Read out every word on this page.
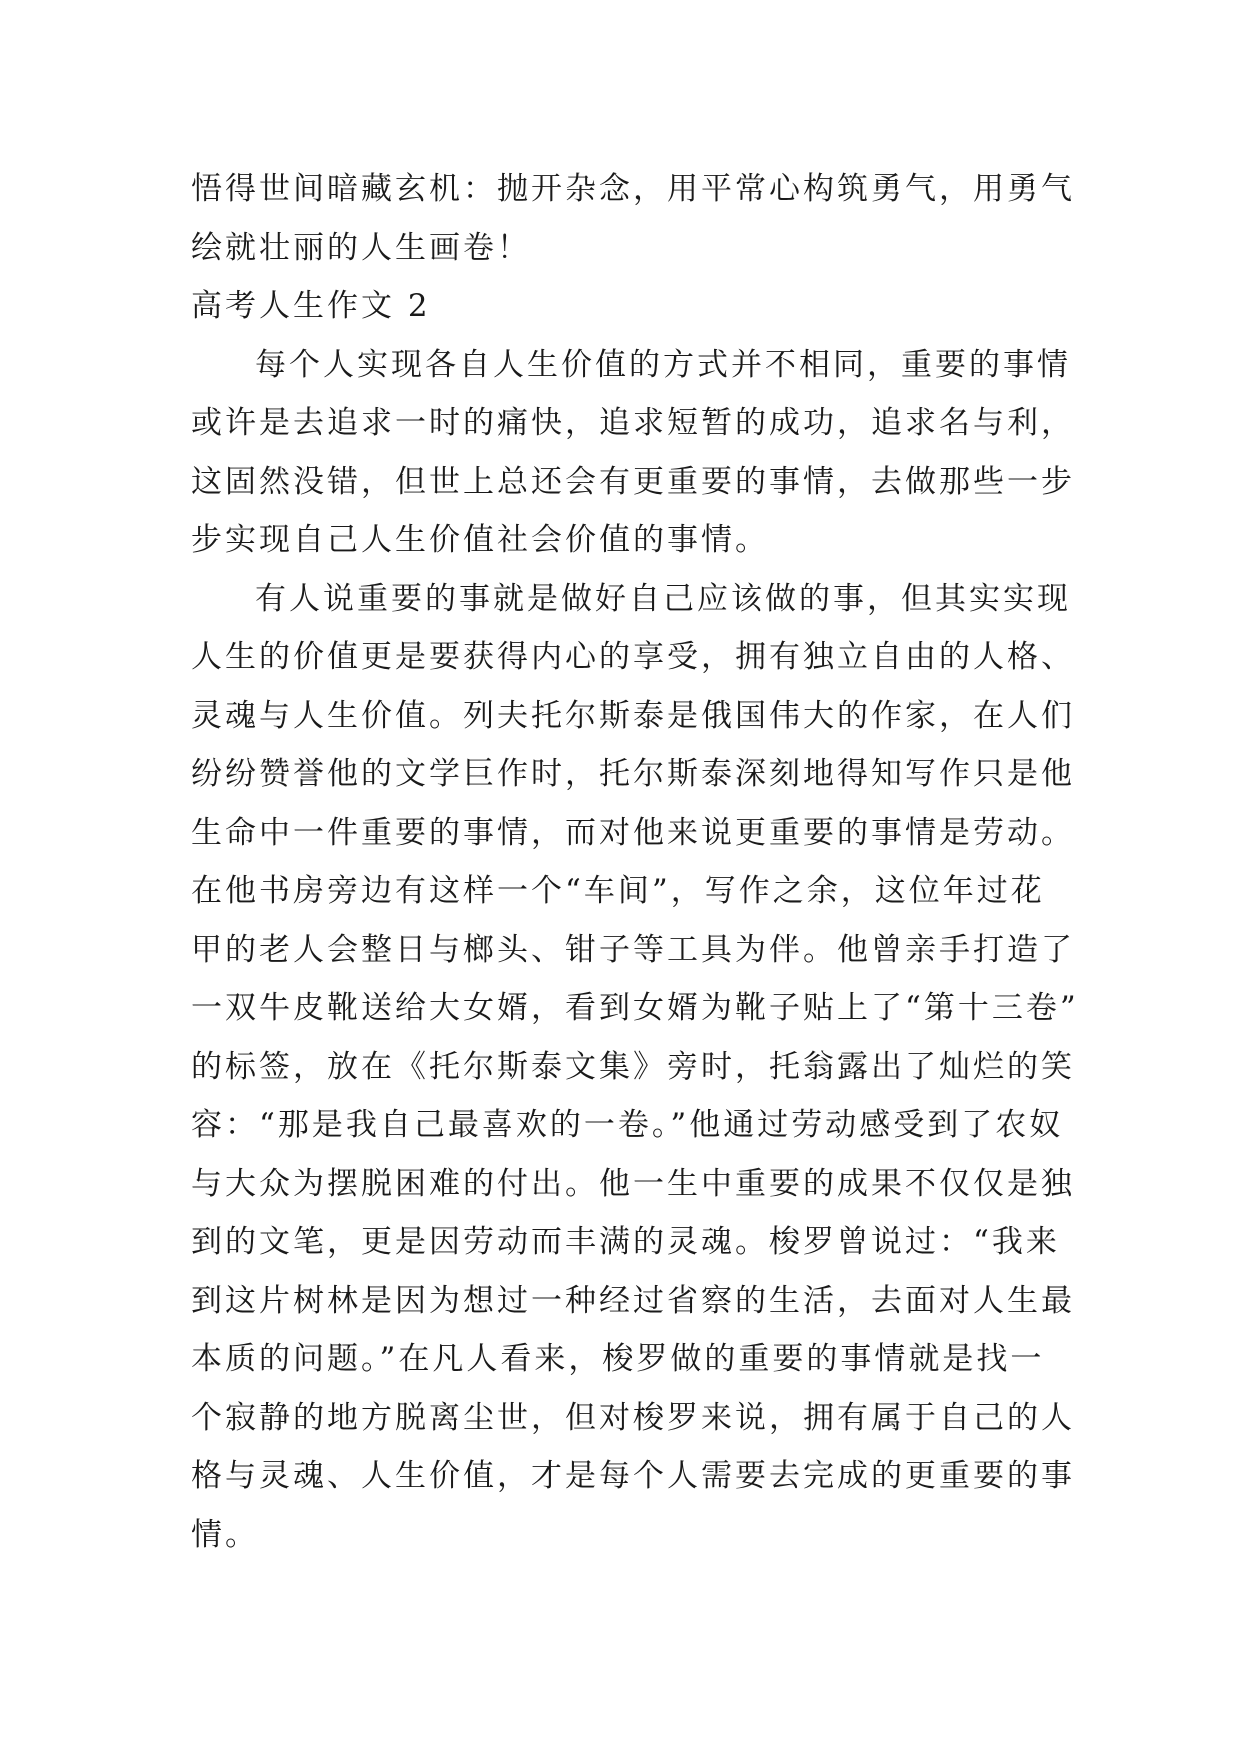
悟得世间暗藏玄机：抛开杂念，用平常心构筑勇气，用勇气
绘就壮丽的人生画卷！
高考人生作文 2
每个人实现各自人生价值的方式并不相同，重要的事情
或许是去追求一时的痛快，追求短暂的成功，追求名与利，
这固然没错，但世上总还会有更重要的事情，去做那些一步
步实现自己人生价值社会价值的事情。
有人说重要的事就是做好自己应该做的事，但其实实现
人生的价值更是要获得内心的享受，拥有独立自由的人格、
灵魂与人生价值。列夫托尔斯泰是俄国伟大的作家，在人们
纷纷赞誉他的文学巨作时，托尔斯泰深刻地得知写作只是他
生命中一件重要的事情，而对他来说更重要的事情是劳动。
在他书房旁边有这样一个“车间”，写作之余，这位年过花
甲的老人会整日与榔头、钳子等工具为伴。他曾亲手打造了
一双牛皮靴送给大女婿，看到女婿为靴子贴上了“第十三卷”
的标签，放在《托尔斯泰文集》旁时，托翁露出了灿烂的笑
容：“那是我自己最喜欢的一卷。”他通过劳动感受到了农奴
与大众为摆脱困难的付出。他一生中重要的成果不仅仅是独
到的文笔，更是因劳动而丰满的灵魂。梭罗曾说过：“我来
到这片树林是因为想过一种经过省察的生活，去面对人生最
本质的问题。”在凡人看来，梭罗做的重要的事情就是找一
个寂静的地方脱离尘世，但对梭罗来说，拥有属于自己的人
格与灵魂、人生价值，才是每个人需要去完成的更重要的事
情。
